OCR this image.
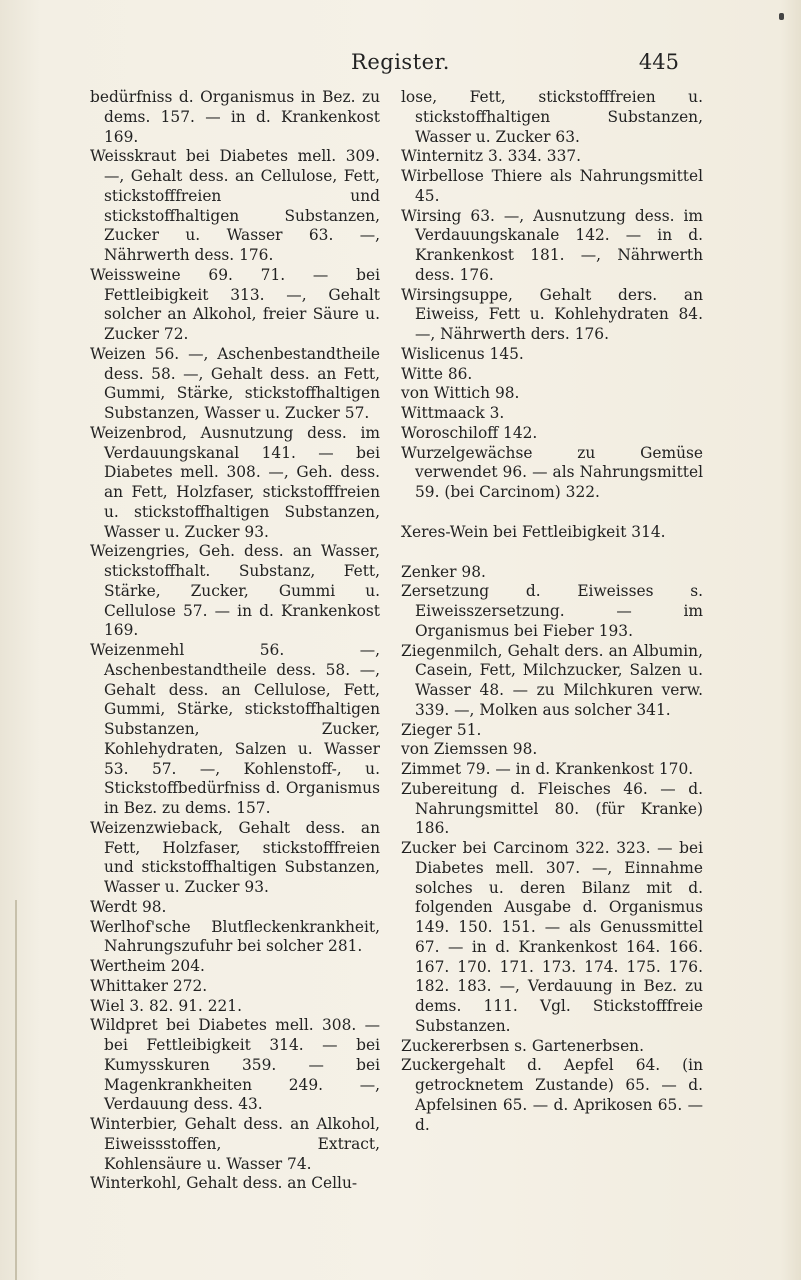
Register.	445

bedürfniss d. Organismus in Bez. zu dems. 157. — in d. Krankenkost 169.

Weisskraut bei Diabetes mell. 309. —, Gehalt dess. an Cellulose, Fett, stickstofffreien und stickstoffhaltigen Substanzen, Zucker u. Wasser 63. —, Nährwerth dess. 176.

Weissweine 69. 71. — bei Fettleibigkeit 313. —, Gehalt solcher an Alkohol, freier Säure u. Zucker 72.

Weizen 56. —, Aschenbestandtheile dess. 58. —, Gehalt dess. an Fett, Gummi, Stärke, stickstoffhaltigen Substanzen, Wasser u. Zucker 57.

Weizenbrod, Ausnutzung dess. im Verdauungskanal 141. — bei Diabetes mell. 308. —, Geh. dess. an Fett, Holzfaser, stickstofffreien u. stickstoffhaltigen Substanzen, Wasser u. Zucker 93.

Weizengries, Geh. dess. an Wasser, stickstoffhalt. Substanz, Fett, Stärke, Zucker, Gummi u. Cellulose 57. — in d. Krankenkost 169.

Weizenmehl 56. —, Aschenbestandtheile dess. 58. —, Gehalt dess. an Cellulose, Fett, Gummi, Stärke, stickstoffhaltigen Substanzen, Zucker, Kohlehydraten, Salzen u. Wasser 53. 57. —, Kohlenstoff-, u. Stickstoffbedürfniss d. Organismus in Bez. zu dems. 157.

Weizenzwieback, Gehalt dess. an Fett, Holzfaser, stickstofffreien und stickstoffhaltigen Substanzen, Wasser u. Zucker 93.

Werdt 98.

Werlhof'sche Blutfleckenkrankheit, Nahrungszufuhr bei solcher 281.

Wertheim 204.

Whittaker 272.

Wiel 3. 82. 91. 221.

Wildpret bei Diabetes mell. 308. — bei Fettleibigkeit 314. — bei Kumysskuren 359. — bei Magenkrankheiten 249. —, Verdauung dess. 43.

Winterbier, Gehalt dess. an Alkohol, Eiweissstoffen, Extract, Kohlensäure u. Wasser 74.

Winterkohl, Gehalt dess. an Cellu-

lose, Fett, stickstofffreien u. stickstoffhaltigen Substanzen, Wasser u. Zucker 63.

Winternitz 3. 334. 337.

Wirbellose Thiere als Nahrungsmittel 45.

Wirsing 63. —, Ausnutzung dess. im Verdauungskanale 142. — in d. Krankenkost 181. —, Nährwerth dess. 176.

Wirsingsuppe, Gehalt ders. an Eiweiss, Fett u. Kohlehydraten 84. —, Nährwerth ders. 176.

Wislicenus 145.

Witte 86.

von Wittich 98.

Wittmaack 3.

Woroschiloff 142.

Wurzelgewächse zu Gemüse verwendet 96. — als Nahrungsmittel 59. (bei Carcinom) 322.

Xeres-Wein bei Fettleibigkeit 314.

Zenker 98.

Zersetzung d. Eiweisses s. Eiweisszersetzung. — im Organismus bei Fieber 193.

Ziegenmilch, Gehalt ders. an Albumin, Casein, Fett, Milchzucker, Salzen u. Wasser 48. — zu Milchkuren verw. 339. —, Molken aus solcher 341.

Zieger 51.

von Ziemssen 98.

Zimmet 79. — in d. Krankenkost 170.

Zubereitung d. Fleisches 46. — d. Nahrungsmittel 80. (für Kranke) 186.

Zucker bei Carcinom 322. 323. — bei Diabetes mell. 307. —, Einnahme solches u. deren Bilanz mit d. folgenden Ausgabe d. Organismus 149. 150. 151. — als Genussmittel 67. — in d. Krankenkost 164. 166. 167. 170. 171. 173. 174. 175. 176. 182. 183. —, Verdauung in Bez. zu dems. 111. Vgl. Stickstofffreie Substanzen.

Zuckererbsen s. Gartenerbsen.

Zuckergehalt d. Aepfel 64. (in getrocknetem Zustande) 65. — d. Apfelsinen 65. — d. Aprikosen 65. — d.
